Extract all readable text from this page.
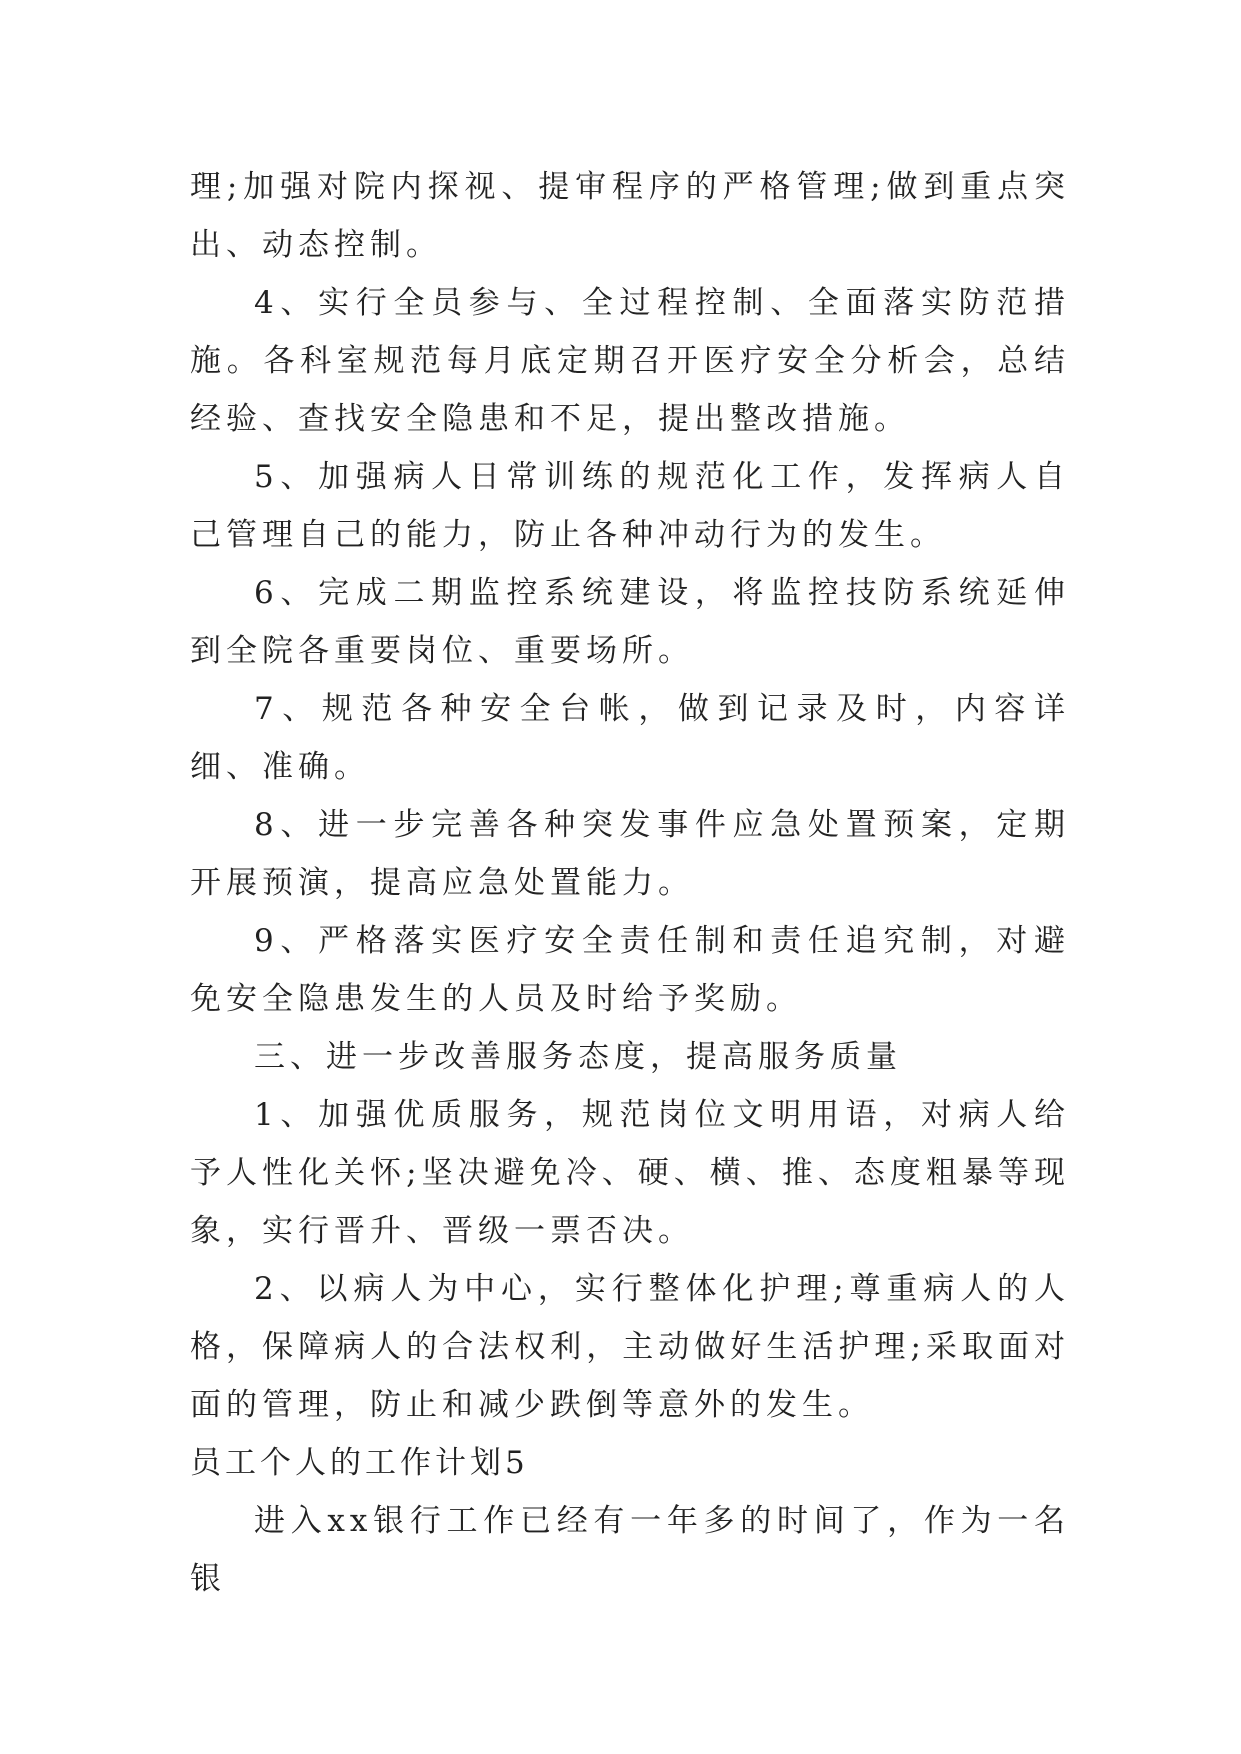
理;加强对院内探视、提审程序的严格管理;做到重点突出、动态控制。

4、实行全员参与、全过程控制、全面落实防范措施。各科室规范每月底定期召开医疗安全分析会，总结经验、查找安全隐患和不足，提出整改措施。

5、加强病人日常训练的规范化工作，发挥病人自己管理自己的能力，防止各种冲动行为的发生。

6、完成二期监控系统建设，将监控技防系统延伸到全院各重要岗位、重要场所。

7、规范各种安全台帐，做到记录及时，内容详细、准确。

8、进一步完善各种突发事件应急处置预案，定期开展预演，提高应急处置能力。

9、严格落实医疗安全责任制和责任追究制，对避免安全隐患发生的人员及时给予奖励。

三、进一步改善服务态度，提高服务质量

1、加强优质服务，规范岗位文明用语，对病人给予人性化关怀;坚决避免冷、硬、横、推、态度粗暴等现象，实行晋升、晋级一票否决。

2、以病人为中心，实行整体化护理;尊重病人的人格，保障病人的合法权利，主动做好生活护理;采取面对面的管理，防止和减少跌倒等意外的发生。

员工个人的工作计划5

进入xx银行工作已经有一年多的时间了，作为一名银
